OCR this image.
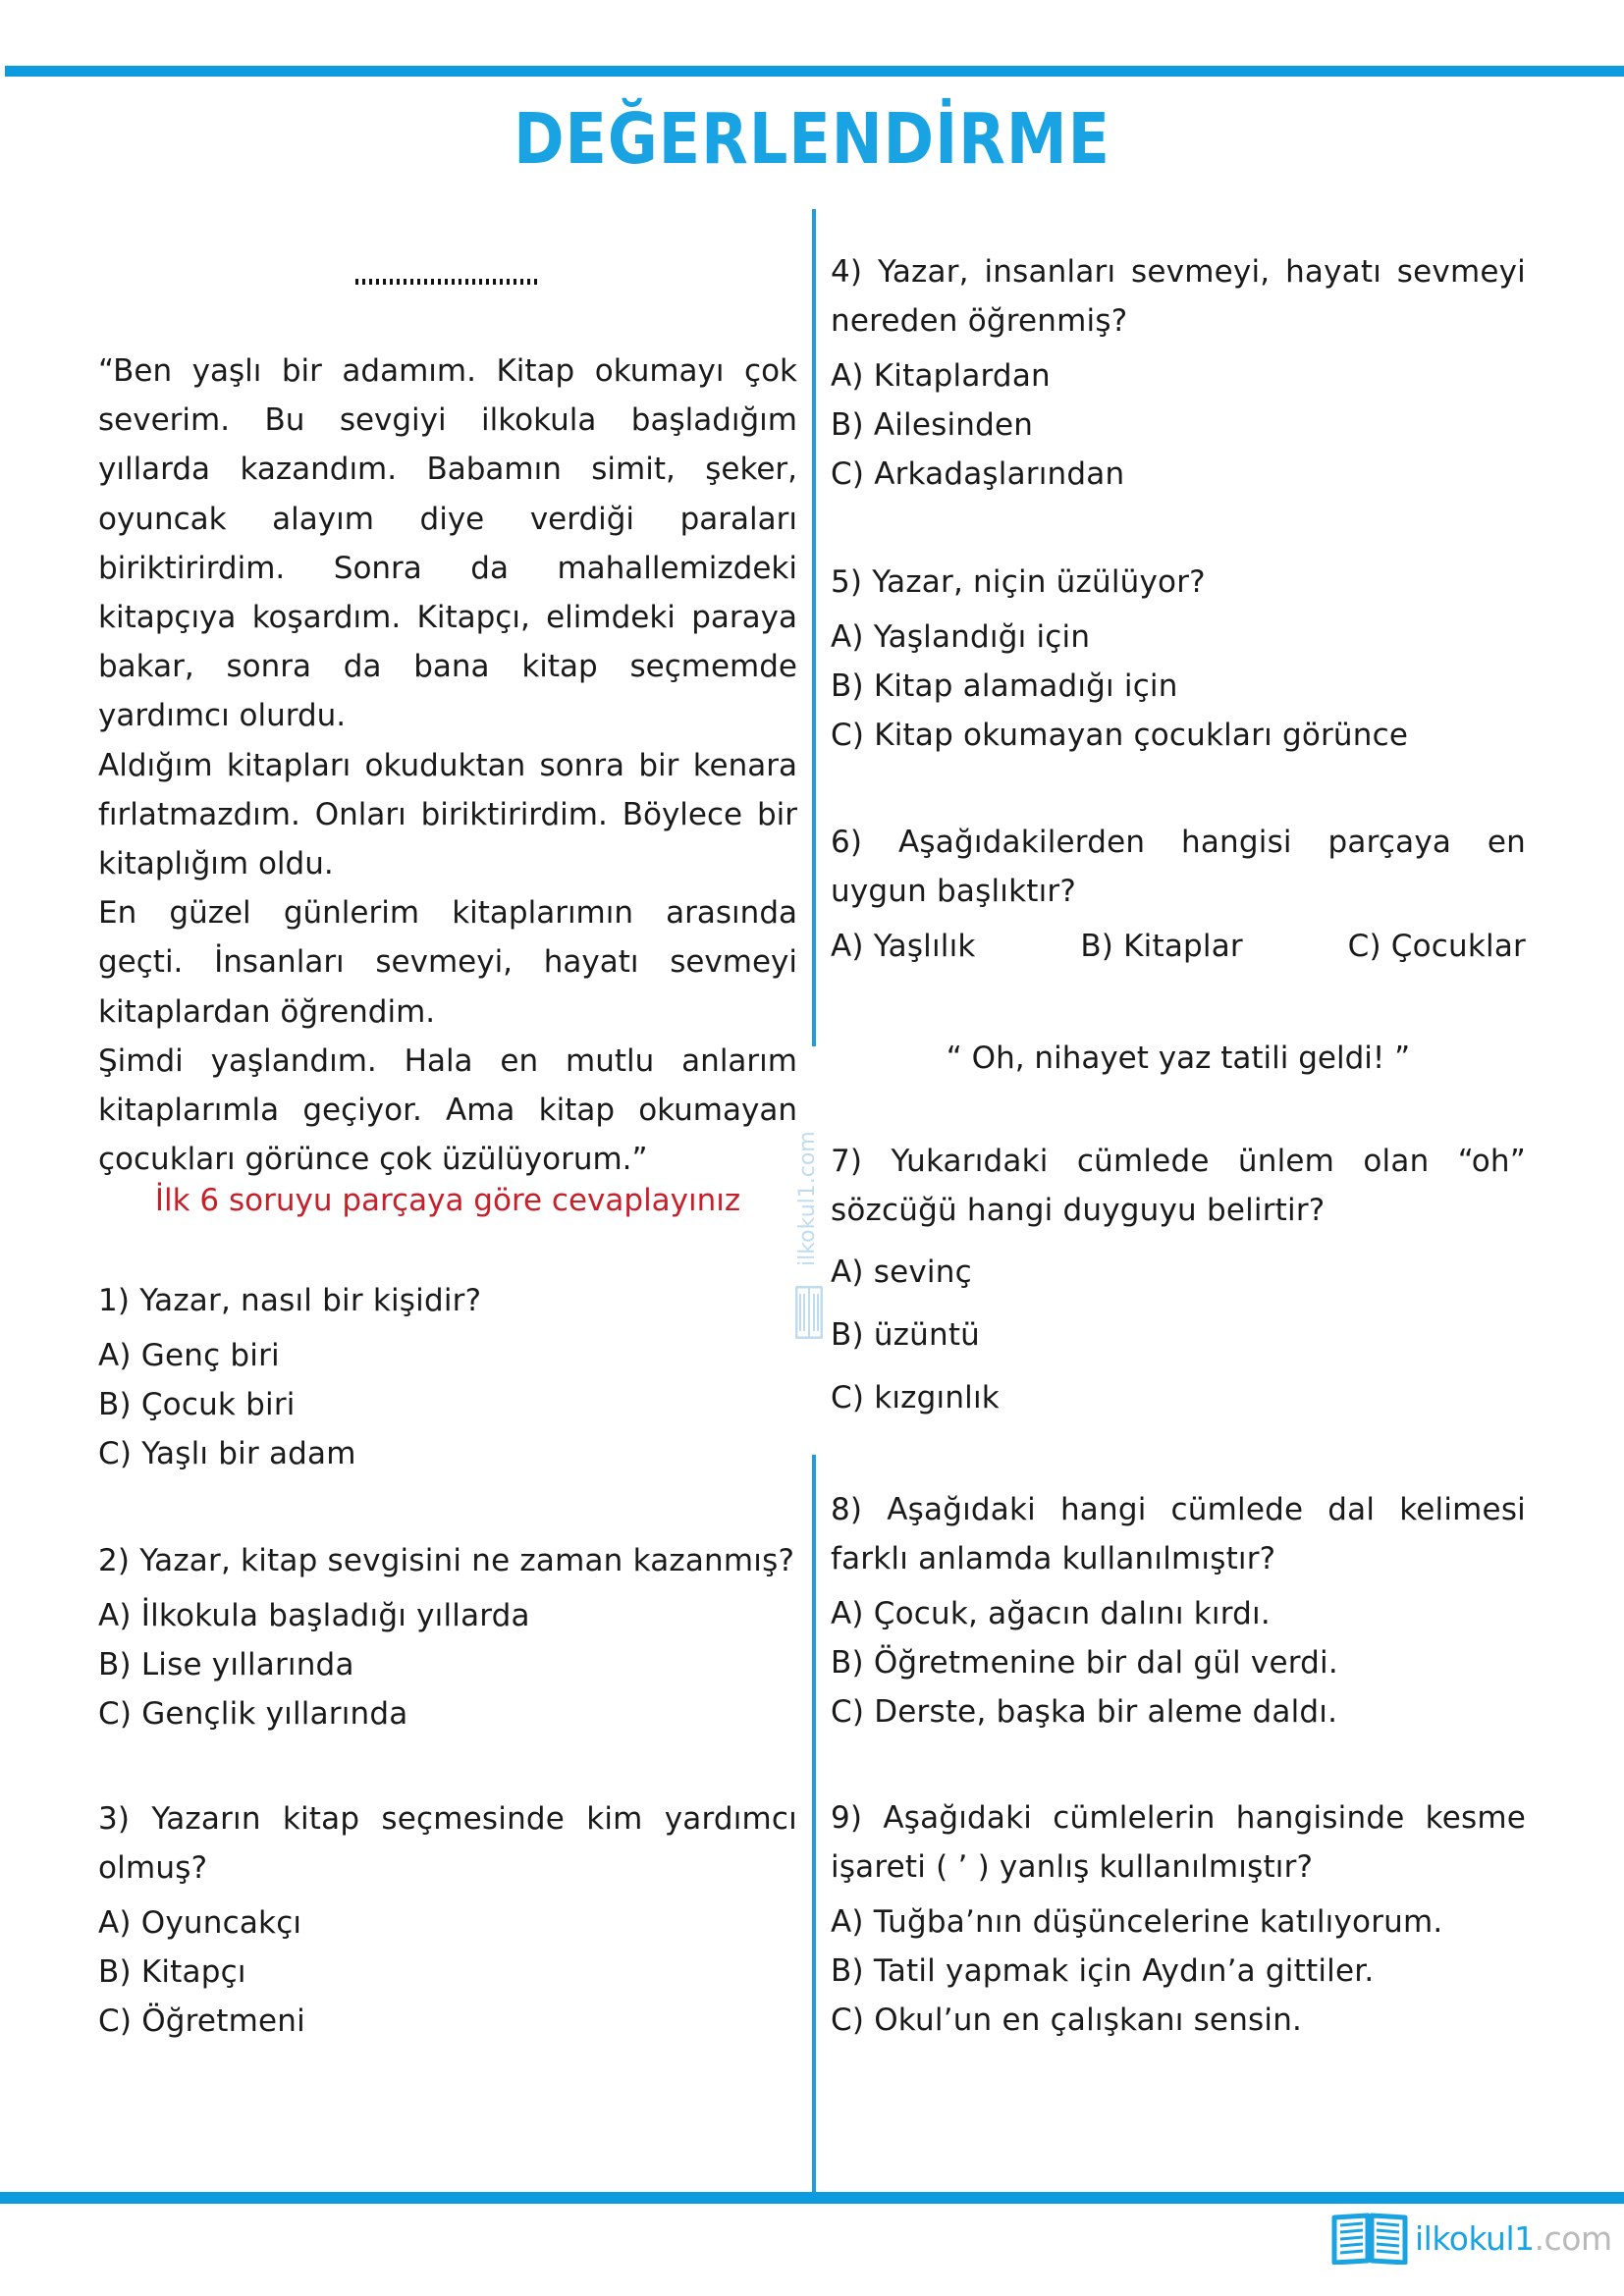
DEĞERLENDİRME

“Ben yaşlı bir adamım. Kitap okumayı çok severim. Bu sevgiyi ilkokula başladığım yıllarda kazandım. Babamın simit, şeker, oyuncak alayım diye verdiği paraları biriktirirdim. Sonra da mahallemizdeki kitapçıya koşardım. Kitapçı, elimdeki paraya bakar, sonra da bana kitap seçmemde yardımcı olurdu.

Aldığım kitapları okuduktan sonra bir kenara fırlatmazdım. Onları biriktirirdim. Böylece bir kitaplığım oldu.

En güzel günlerim kitaplarımın arasında geçti. İnsanları sevmeyi, hayatı sevmeyi kitaplardan öğrendim.

Şimdi yaşlandım. Hala en mutlu anlarım kitaplarımla geçiyor. Ama kitap okumayan çocukları görünce çok üzülüyorum.”

İlk 6 soruyu parçaya göre cevaplayınız

1) Yazar, nasıl bir kişidir?

A) Genç biri

B) Çocuk biri

C) Yaşlı bir adam

2) Yazar, kitap sevgisini ne zaman kazanmış?

A) İlkokula başladığı yıllarda

B) Lise yıllarında

C) Gençlik yıllarında

3) Yazarın kitap seçmesinde kim yardımcı olmuş?

A) Oyuncakçı

B) Kitapçı

C) Öğretmeni

4) Yazar, insanları sevmeyi, hayatı sevmeyi nereden öğrenmiş?

A) Kitaplardan

B) Ailesinden

C) Arkadaşlarından

5) Yazar, niçin üzülüyor?

A) Yaşlandığı için

B) Kitap alamadığı için

C) Kitap okumayan çocukları görünce

6) Aşağıdakilerden hangisi parçaya en uygun başlıktır?

A) Yaşlılık	B) Kitaplar	C) Çocuklar
“ Oh, nihayet yaz tatili geldi! ”

7) Yukarıdaki cümlede ünlem olan “oh” sözcüğü hangi duyguyu belirtir?

A) sevinç

B) üzüntü

C) kızgınlık

8) Aşağıdaki hangi cümlede dal kelimesi farklı anlamda kullanılmıştır?

A) Çocuk, ağacın dalını kırdı.

B) Öğretmenine bir dal gül verdi.

C) Derste, başka bir aleme daldı.

9) Aşağıdaki cümlelerin hangisinde kesme işareti ( ’ ) yanlış kullanılmıştır?

A) Tuğba’nın düşüncelerine katılıyorum.

B) Tatil yapmak için Aydın’a gittiler.

C) Okul’un en çalışkanı sensin.

ilkokul1.com
ilkokul1.com
